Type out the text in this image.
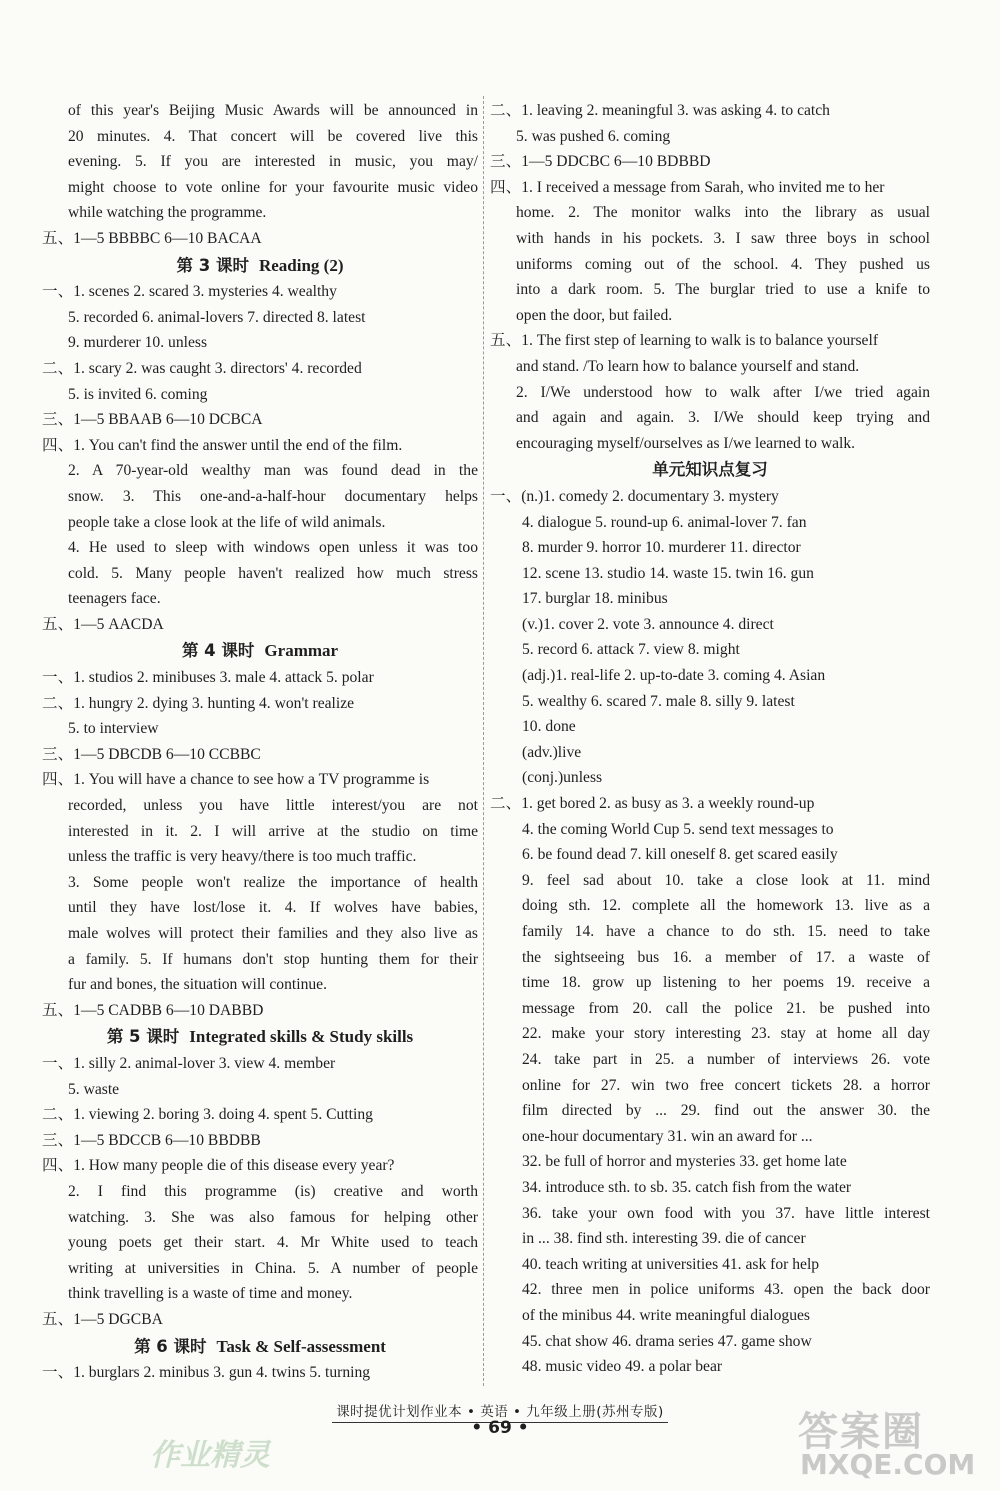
of this year's Beijing Music Awards will be announced in
20 minutes. 4. That concert will be covered live this
evening. 5. If you are interested in music, you may/
might choose to vote online for your favourite music video
while watching the programme.
五、1—5 BBBBC 6—10 BACAA
第 3 课时 Reading (2)
一、1. scenes 2. scared 3. mysteries 4. wealthy
5. recorded 6. animal-lovers 7. directed 8. latest
9. murderer 10. unless
二、1. scary 2. was caught 3. directors' 4. recorded
5. is invited 6. coming
三、1—5 BBAAB 6—10 DCBCA
四、1. You can't find the answer until the end of the film.
2. A 70-year-old wealthy man was found dead in the
snow. 3. This one-and-a-half-hour documentary helps
people take a close look at the life of wild animals.
4. He used to sleep with windows open unless it was too
cold. 5. Many people haven't realized how much stress
teenagers face.
五、1—5 AACDA
第 4 课时 Grammar
一、1. studios 2. minibuses 3. male 4. attack 5. polar
二、1. hungry 2. dying 3. hunting 4. won't realize
5. to interview
三、1—5 DBCDB 6—10 CCBBC
四、1. You will have a chance to see how a TV programme is
recorded, unless you have little interest/you are not
interested in it. 2. I will arrive at the studio on time
unless the traffic is very heavy/there is too much traffic.
3. Some people won't realize the importance of health
until they have lost/lose it. 4. If wolves have babies,
male wolves will protect their families and they also live as
a family. 5. If humans don't stop hunting them for their
fur and bones, the situation will continue.
五、1—5 CADBB 6—10 DABBD
第 5 课时 Integrated skills & Study skills
一、1. silly 2. animal-lover 3. view 4. member
5. waste
二、1. viewing 2. boring 3. doing 4. spent 5. Cutting
三、1—5 BDCCB 6—10 BBDBB
四、1. How many people die of this disease every year?
2. I find this programme (is) creative and worth
watching. 3. She was also famous for helping other
young poets get their start. 4. Mr White used to teach
writing at universities in China. 5. A number of people
think travelling is a waste of time and money.
五、1—5 DGCBA
第 6 课时 Task & Self-assessment
一、1. burglars 2. minibus 3. gun 4. twins 5. turning
二、1. leaving 2. meaningful 3. was asking 4. to catch
5. was pushed 6. coming
三、1—5 DDCBC 6—10 BDBBD
四、1. I received a message from Sarah, who invited me to her
home. 2. The monitor walks into the library as usual
with hands in his pockets. 3. I saw three boys in school
uniforms coming out of the school. 4. They pushed us
into a dark room. 5. The burglar tried to use a knife to
open the door, but failed.
五、1. The first step of learning to walk is to balance yourself
and stand. /To learn how to balance yourself and stand.
2. I/We understood how to walk after I/we tried again
and again and again. 3. I/We should keep trying and
encouraging myself/ourselves as I/we learned to walk.
单元知识点复习
一、(n.)1. comedy 2. documentary 3. mystery
4. dialogue 5. round-up 6. animal-lover 7. fan
8. murder 9. horror 10. murderer 11. director
12. scene 13. studio 14. waste 15. twin 16. gun
17. burglar 18. minibus
(v.)1. cover 2. vote 3. announce 4. direct
5. record 6. attack 7. view 8. might
(adj.)1. real-life 2. up-to-date 3. coming 4. Asian
5. wealthy 6. scared 7. male 8. silly 9. latest
10. done
(adv.)live
(conj.)unless
二、1. get bored 2. as busy as 3. a weekly round-up
4. the coming World Cup 5. send text messages to
6. be found dead 7. kill oneself 8. get scared easily
9. feel sad about 10. take a close look at 11. mind
doing sth. 12. complete all the homework 13. live as a
family 14. have a chance to do sth. 15. need to take
the sightseeing bus 16. a member of 17. a waste of
time 18. grow up listening to her poems 19. receive a
message from 20. call the police 21. be pushed into
22. make your story interesting 23. stay at home all day
24. take part in 25. a number of interviews 26. vote
online for 27. win two free concert tickets 28. a horror
film directed by ... 29. find out the answer 30. the
one-hour documentary 31. win an award for ...
32. be full of horror and mysteries 33. get home late
34. introduce sth. to sb. 35. catch fish from the water
36. take your own food with you 37. have little interest
in ... 38. find sth. interesting 39. die of cancer
40. teach writing at universities 41. ask for help
42. three men in police uniforms 43. open the back door
of the minibus 44. write meaningful dialogues
45. chat show 46. drama series 47. game show
48. music video 49. a polar bear
课时提优计划作业本 • 英语 • 九年级上册(苏州专版)
• 69 •
作业精灵
答案圈
MXQE.COM
